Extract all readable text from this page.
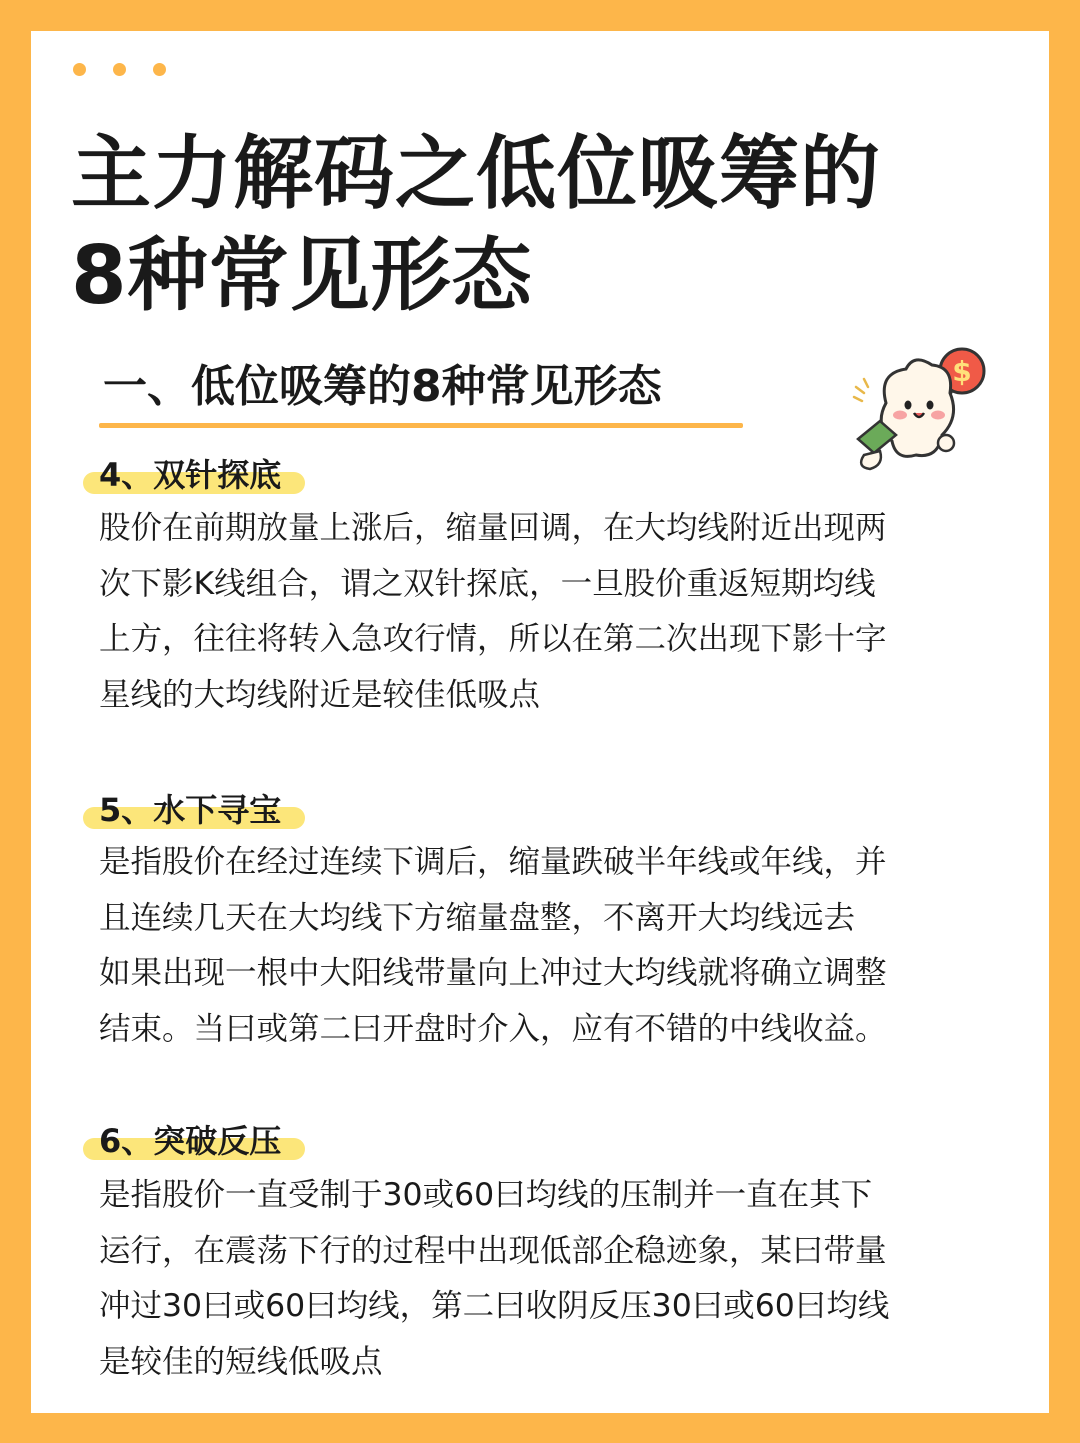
主力解码之低位吸筹的
8种常见形态
一、低位吸筹的8种常见形态	$
4、双针探底

股价在前期放量上涨后，缩量回调，在大均线附近出现两
次下影K线组合，谓之双针探底，一旦股价重返短期均线
上方，往往将转入急攻行情，所以在第二次出现下影十字
星线的大均线附近是较佳低吸点

5、水下寻宝

是指股价在经过连续下调后，缩量跌破半年线或年线，并
且连续几天在大均线下方缩量盘整，不离开大均线远去
如果出现一根中大阳线带量向上冲过大均线就将确立调整
结束。当曰或第二曰开盘时介入，应有不错的中线收益。

6、突破反压

是指股价一直受制于30或60曰均线的压制并一直在其下
运行，在震荡下行的过程中出现低部企稳迹象，某曰带量
冲过30曰或60曰均线，第二曰收阴反压30曰或60曰均线
是较佳的短线低吸点
